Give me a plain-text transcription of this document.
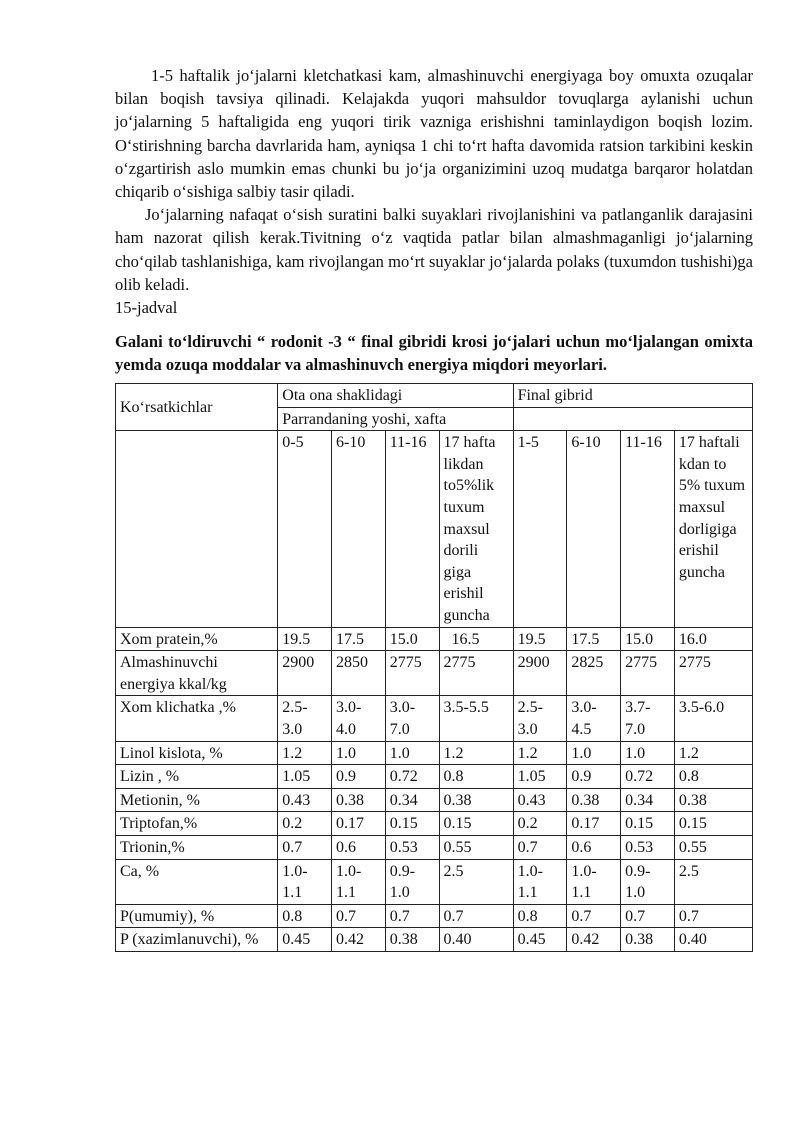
1-5 haftalik jo‘jalarni kletchatkasi kam, almashinuvchi energiyaga boy omuxta ozuqalar bilan boqish tavsiya qilinadi. Kelajakda yuqori mahsuldor tovuqlarga aylanishi uchun jo‘jalarning 5 haftaligida eng yuqori tirik vazniga erishishni taminlaydigon boqish lozim. O‘stirishning barcha davrlarida ham, ayniqsa 1 chi to‘rt hafta davomida ratsion tarkibini keskin o‘zgartirish aslo mumkin emas chunki bu jo‘ja organizimini uzoq mudatga barqaror holatdan chiqarib o‘sishiga salbiy tasir qiladi.

Jo‘jalarning nafaqat o‘sish suratini balki suyaklari rivojlanishini va patlanganlik darajasini ham nazorat qilish kerak.Tivitning o‘z vaqtida patlar bilan almashmaganligi jo‘jalarning cho‘qilab tashlanishiga, kam rivojlangan mo‘rt suyaklar jo‘jalarda polaks (tuxumdon tushishi)ga olib keladi.

15-jadval

Galani to‘ldiruvchi “ rodonit -3 “ final gibridi krosi jo‘jalari uchun mo‘ljalangan omixta yemda ozuqa moddalar va almashinuvch energiya miqdori meyorlari.

Ko‘rsatkichlar	Ota ona shaklidagi				Final gibrid			
	Parrandaning yoshi, xafta							
	0-5	6-10	11-16	17 hafta likdan to5%lik tuxum maxsul dorili giga erishil guncha	1-5	6-10	11-16	17 haftali kdan to 5% tuxum maxsul dorligiga erishil guncha
Xom pratein,%	19.5	17.5	15.0	16.5	19.5	17.5	15.0	16.0
Almashinuvchi energiya kkal/kg	2900	2850	2775	2775	2900	2825	2775	2775
Xom klichatka ,%	2.5-3.0	3.0-4.0	3.0-7.0	3.5-5.5	2.5-3.0	3.0-4.5	3.7-7.0	3.5-6.0
Linol kislota, %	1.2	1.0	1.0	1.2	1.2	1.0	1.0	1.2
Lizin , %	1.05	0.9	0.72	0.8	1.05	0.9	0.72	0.8
Metionin, %	0.43	0.38	0.34	0.38	0.43	0.38	0.34	0.38
Triptofan,%	0.2	0.17	0.15	0.15	0.2	0.17	0.15	0.15
Trionin,%	0.7	0.6	0.53	0.55	0.7	0.6	0.53	0.55
Ca, %	1.0-1.1	1.0-1.1	0.9-1.0	2.5	1.0-1.1	1.0-1.1	0.9-1.0	2.5
P(umumiy), %	0.8	0.7	0.7	0.7	0.8	0.7	0.7	0.7
P (xazimlanuvchi), %	0.45	0.42	0.38	0.40	0.45	0.42	0.38	0.40
